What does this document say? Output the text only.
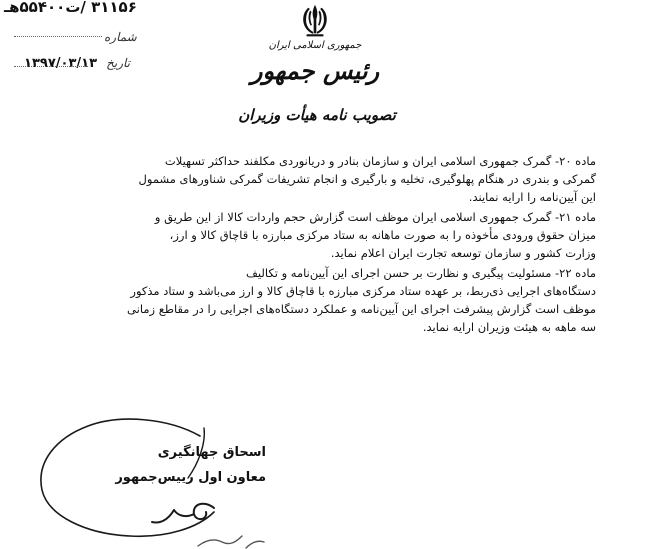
۳۱۱۵۶ /ت۵۵۴۰۰هـ
شماره
تاریخ ۱۳۹۷/۰۳/۱۳
جمهوری اسلامی ایران
رئیس جمهور
تصویب نامه هیأت وزیران

ماده ۲۰- گمرک جمهوری اسلامی ایران و سازمان بنادر و دریانوردی مکلفند حداکثر تسهیلات
گمرکی و بندری در هنگام پهلوگیری، تخلیه و بارگیری و انجام تشریفات گمرکی شناورهای مشمول
این آیین‌نامه را ارایه نمایند.

ماده ۲۱- گمرک جمهوری اسلامی ایران موظف است گزارش حجم واردات کالا از این طریق و
میزان حقوق ورودی مأخوذه را به صورت ماهانه به ستاد مرکزی مبارزه با قاچاق کالا و ارز،
وزارت کشور و سازمان توسعه تجارت ایران اعلام نماید.

ماده ۲۲- مسئولیت پیگیری و نظارت بر حسن اجرای این آیین‌نامه و تکالیف
دستگاه‌های اجرایی ذی‌ربط، بر عهده ستاد مرکزی مبارزه با قاچاق کالا و ارز می‌باشد و ستاد مذکور
موظف است گزارش پیشرفت اجرای این آیین‌نامه و عملکرد دستگاه‌های اجرایی را در مقاطع زمانی
سه ماهه به هیئت وزیران ارایه نماید.

اسحاق جهانگیری
معاون اول رییس‌جمهور
